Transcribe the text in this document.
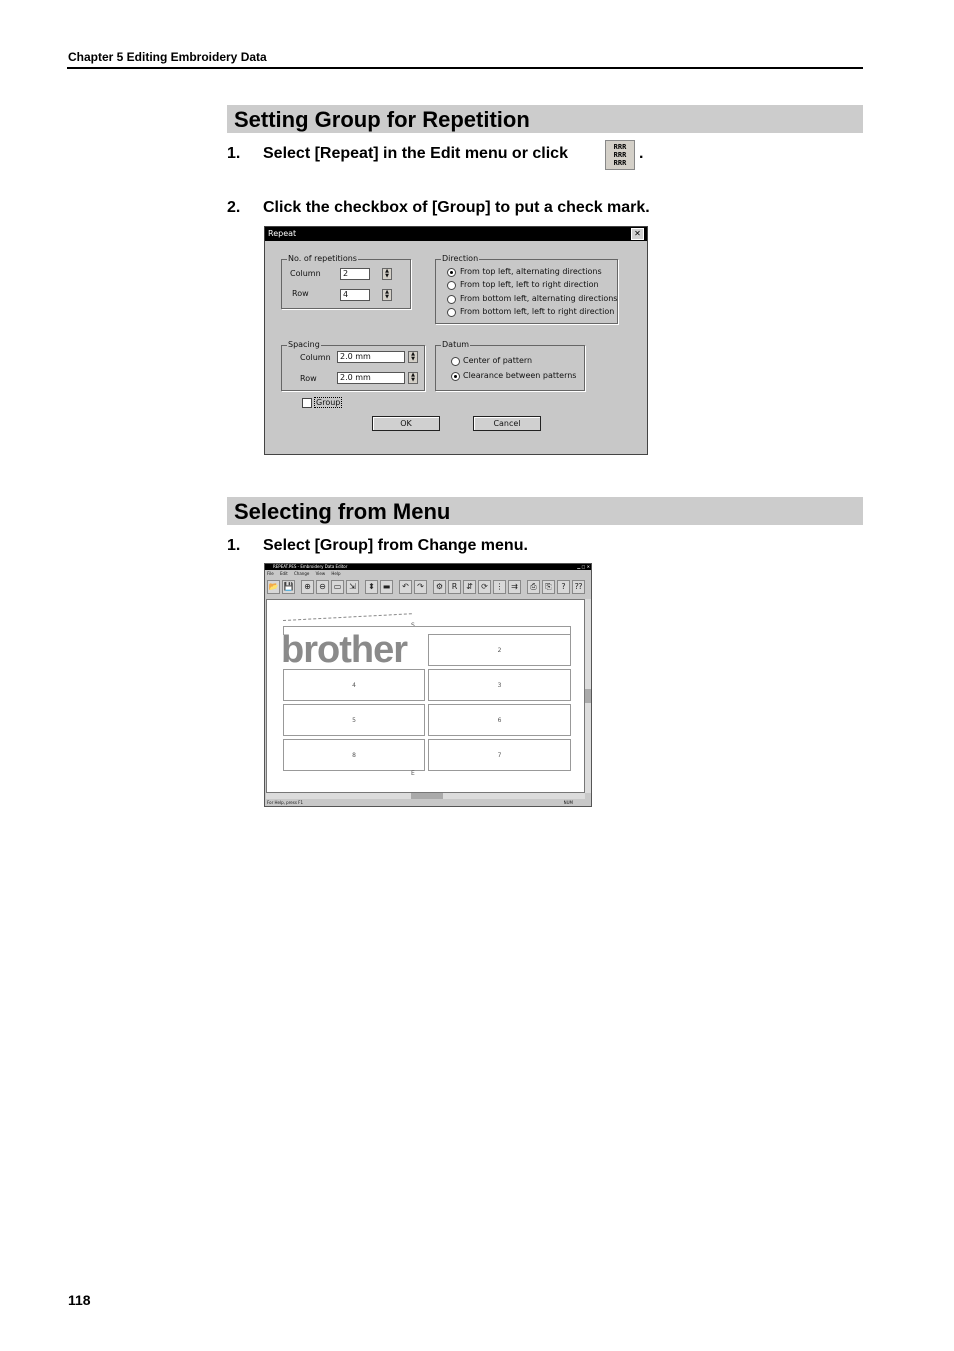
Chapter 5 Editing Embroidery Data
Setting Group for Repetition
1.	Select [Repeat] in the Edit menu or click	RRR
RRR
RRR
.
2.	Click the checkbox of [Group] to put a check mark.
Repeat	✕
No. of repetitions
Column	2	▲
▼
Row	4	▲
▼
Direction
From top left, alternating directions
From top left, left to right direction
From bottom left, alternating directions
From bottom left, left to right direction
Spacing
Column	2.0 mm	▲
▼
Row	2.0 mm	▲
▼
Datum
Center of pattern
Clearance between patterns
Group
OK	Cancel
Selecting from Menu
1.	Select [Group] from Change menu.
REPEAT.PES - Embroidery Data Editor	▁ □ ✕
File Edit Change View Help
📂 💾	⊕	⊖ ▭ ⇲	⬍ ▬	↶	↷	⚙	R	⇵	⟳ ⋮ ⇉	⎙	⎘	?	⁇
S
brother	2
4	3
5	6
8	7
E
For Help, press F1	NUM
118
